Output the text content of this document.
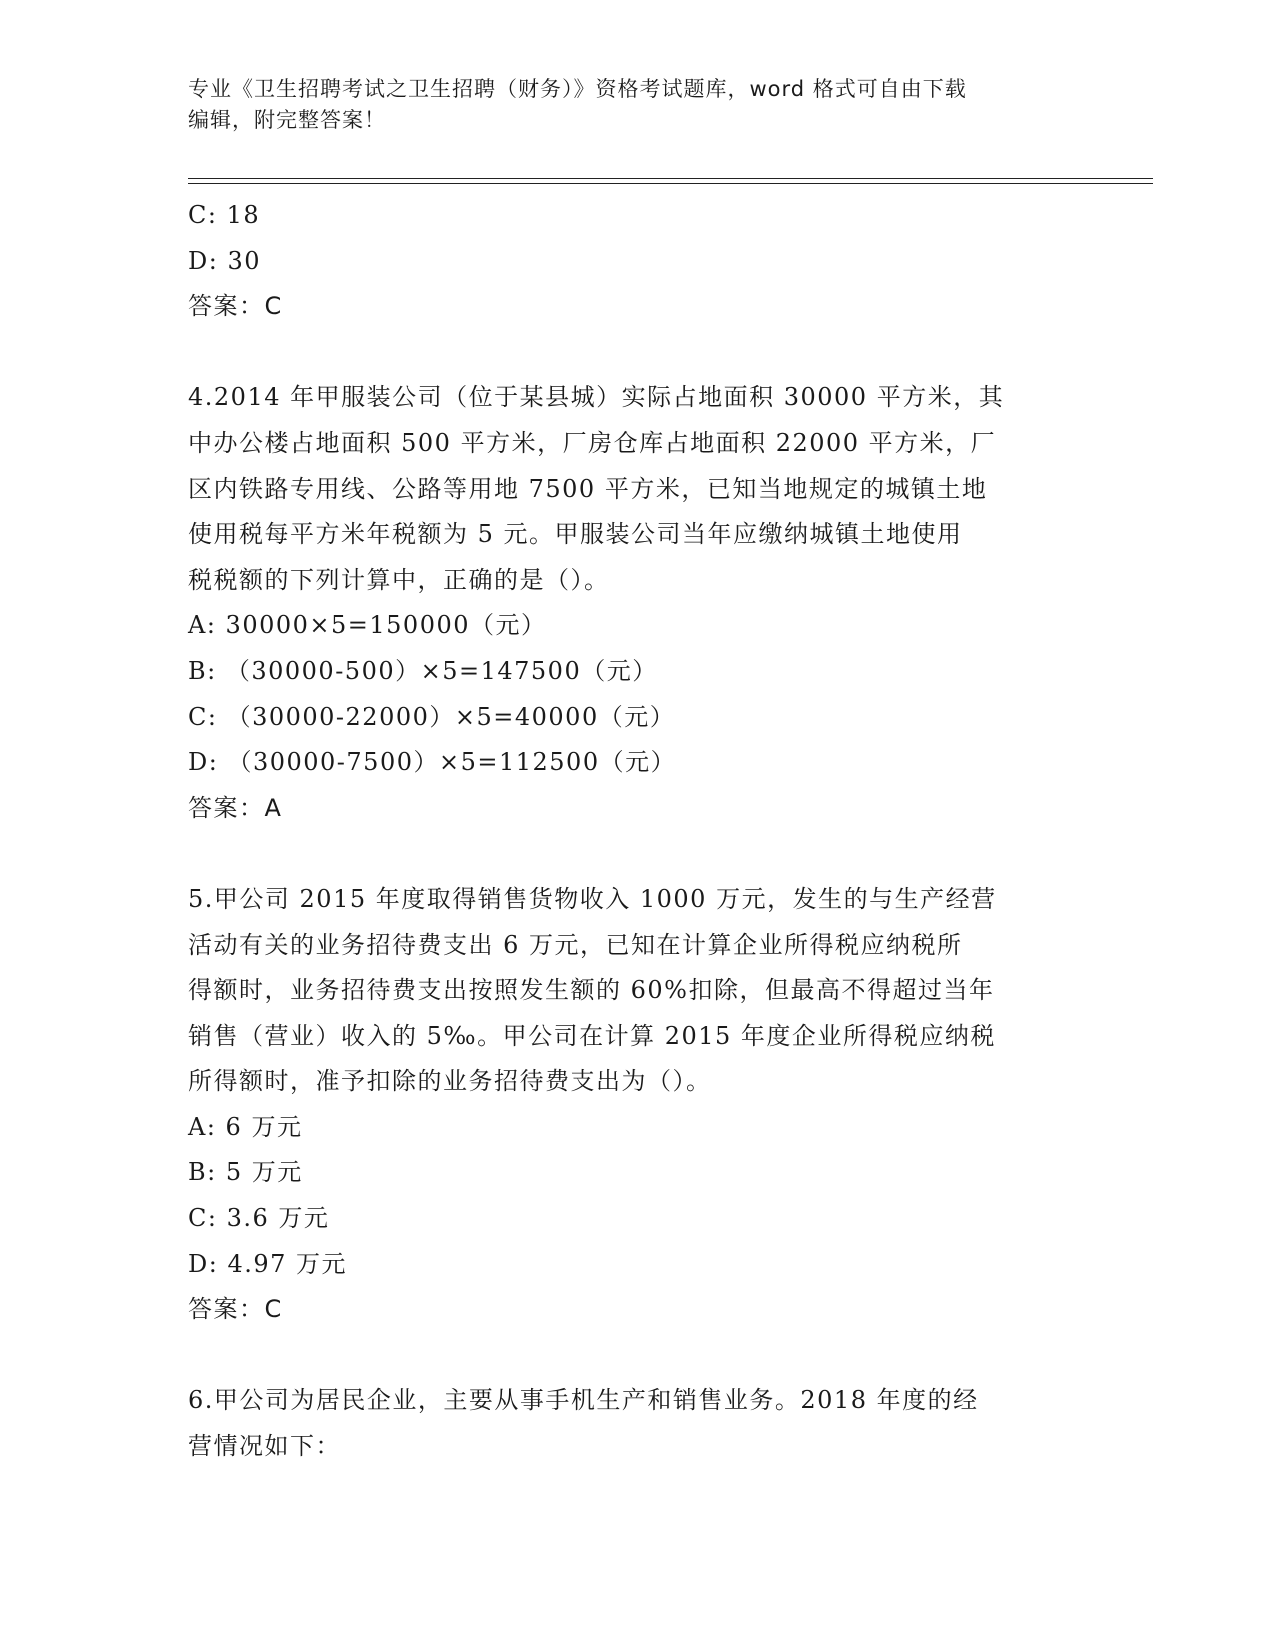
专业《卫生招聘考试之卫生招聘（财务）》资格考试题库，word 格式可自由下载
编辑，附完整答案！
C: 18
D: 30
答案：C
4.2014 年甲服装公司（位于某县城）实际占地面积 30000 平方米，其
中办公楼占地面积 500 平方米，厂房仓库占地面积 22000 平方米，厂
区内铁路专用线、公路等用地 7500 平方米，已知当地规定的城镇土地
使用税每平方米年税额为 5 元。甲服装公司当年应缴纳城镇土地使用
税税额的下列计算中，正确的是（）。
A: 30000×5=150000（元）
B: （30000-500）×5=147500（元）
C: （30000-22000）×5=40000（元）
D: （30000-7500）×5=112500（元）
答案：A
5.甲公司 2015 年度取得销售货物收入 1000 万元，发生的与生产经营
活动有关的业务招待费支出 6 万元，已知在计算企业所得税应纳税所
得额时，业务招待费支出按照发生额的 60%扣除，但最高不得超过当年
销售（营业）收入的 5‰。甲公司在计算 2015 年度企业所得税应纳税
所得额时，准予扣除的业务招待费支出为（）。
A: 6 万元
B: 5 万元
C: 3.6 万元
D: 4.97 万元
答案：C
6.甲公司为居民企业，主要从事手机生产和销售业务。2018 年度的经
营情况如下：
